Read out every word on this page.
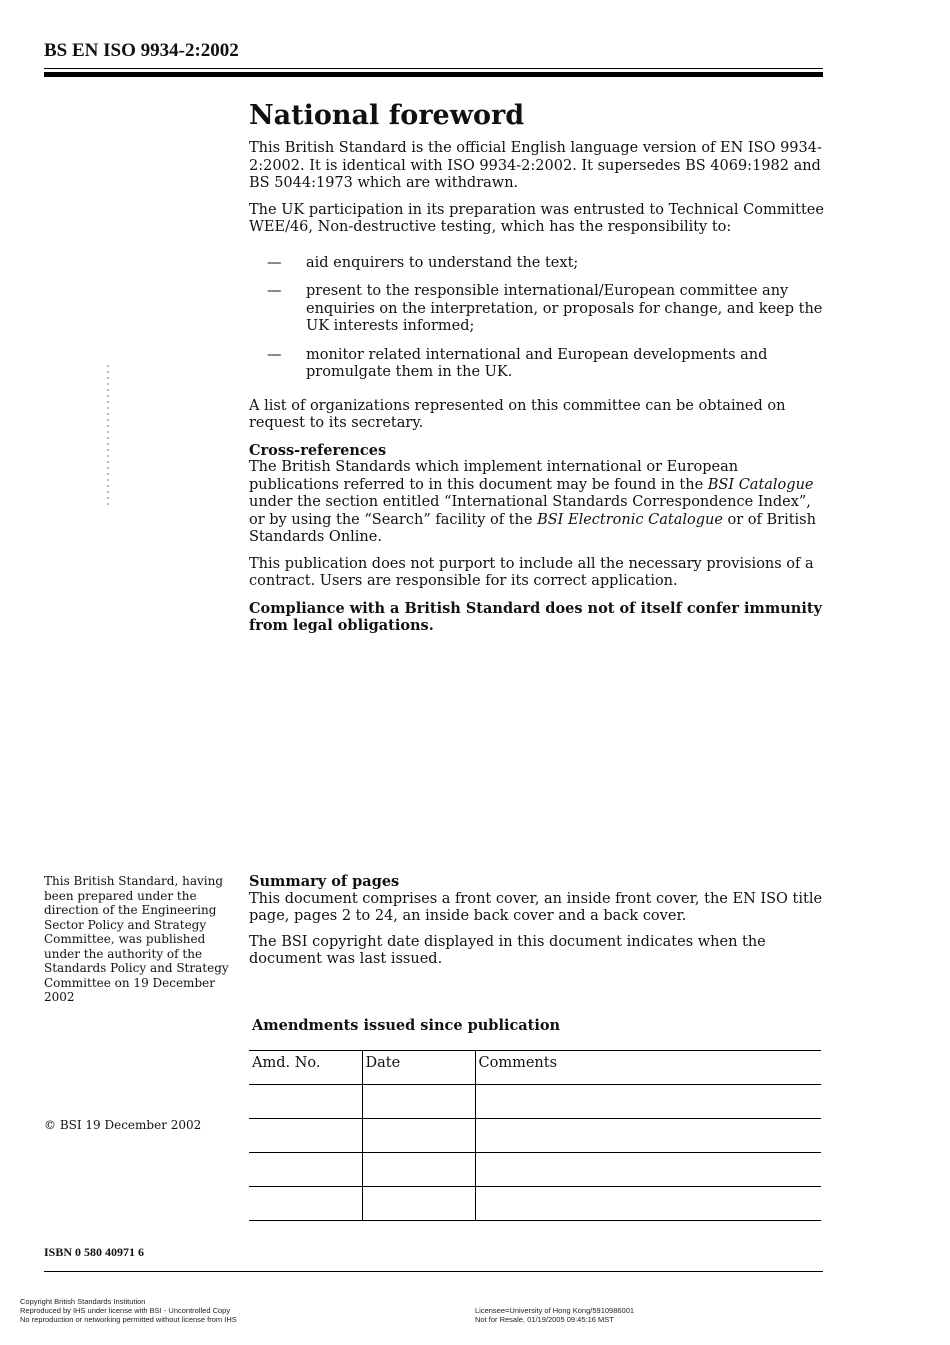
BS EN ISO 9934-2:2002
National foreword

This British Standard is the official English language version of EN ISO 9934-2:2002. It is identical with ISO 9934-2:2002. It supersedes BS 4069:1982 and BS 5044:1973 which are withdrawn.

The UK participation in its preparation was entrusted to Technical Committee WEE/46, Non-destructive testing, which has the responsibility to:

— aid enquirers to understand the text;
— present to the responsible international/European committee any enquiries on the interpretation, or proposals for change, and keep the UK interests informed;
— monitor related international and European developments and promulgate them in the UK.

A list of organizations represented on this committee can be obtained on request to its secretary.

Cross-references

The British Standards which implement international or European publications referred to in this document may be found in the BSI Catalogue under the section entitled “International Standards Correspondence Index”, or by using the “Search” facility of the BSI Electronic Catalogue or of British Standards Online.

This publication does not purport to include all the necessary provisions of a contract. Users are responsible for its correct application.

Compliance with a British Standard does not of itself confer immunity from legal obligations.

This British Standard, having been prepared under the direction of the Engineering Sector Policy and Strategy Committee, was published under the authority of the Standards Policy and Strategy Committee on 19 December 2002
Summary of pages

This document comprises a front cover, an inside front cover, the EN ISO title page, pages 2 to 24, an inside back cover and a back cover.

The BSI copyright date displayed in this document indicates when the document was last issued.

Amendments issued since publication
Amd. No.	Date	Comments

© BSI 19 December 2002
ISBN 0 580 40971 6
Copyright British Standards Institution
Reproduced by IHS under license with BSI - Uncontrolled Copy
No reproduction or networking permitted without license from IHS
Licensee=University of Hong Kong/5910986001
Not for Resale, 01/19/2005 09:45:16 MST
